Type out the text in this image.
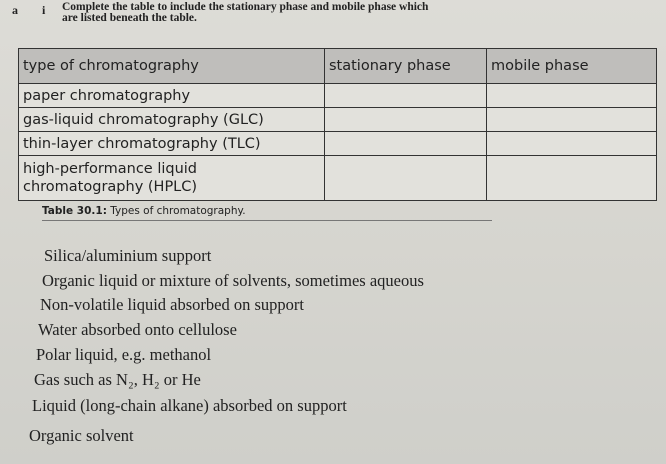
a i Complete the table to include the stationary phase and mobile phase which are listed beneath the table.
type of chromatography	stationary phase	mobile phase
paper chromatography		
gas-liquid chromatography (GLC)		
thin-layer chromatography (TLC)		
high-performance liquid chromatography (HPLC)		
Table 30.1: Types of chromatography.
Silica/aluminium support
Organic liquid or mixture of solvents, sometimes aqueous
Non-volatile liquid absorbed on support
Water absorbed onto cellulose
Polar liquid, e.g. methanol
Gas such as N₂, H₂ or He
Liquid (long-chain alkane) absorbed on support
Organic solvent
